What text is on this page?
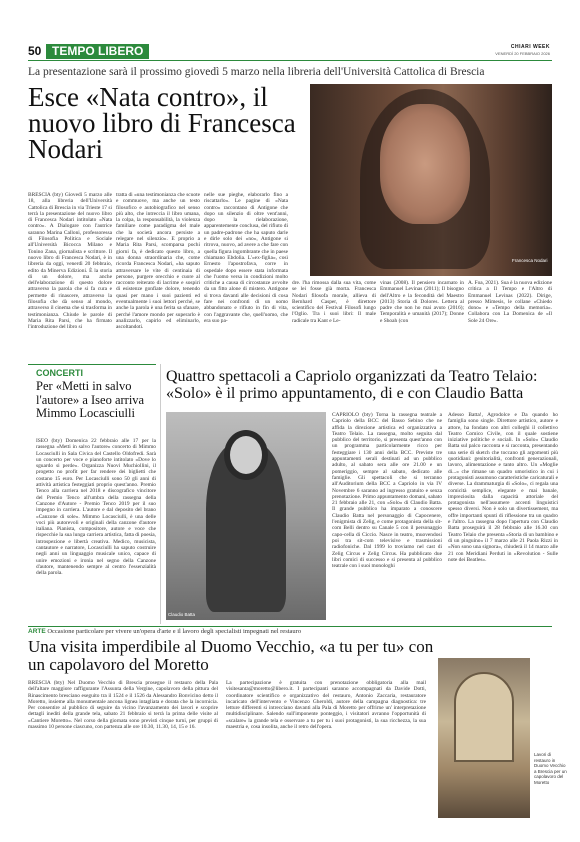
50 TEMPO LIBERO	CHIARI WEEK
VENERDÌ 20 FEBBRAIO 2026
La presentazione sarà il prossimo giovedì 5 marzo nella libreria dell'Università Cattolica di Brescia
Esce «Nata contro», il nuovo libro di Francesca Nodari
Francesca Nodari
BRESCIA (bty) Giovedì 5 marzo alle 18, alla libreria dell'Università Cattolica di Brescia in via Trieste 17 si terrà la presentazione del nuovo libro di Francesca Nodari intitolato «Nata contro». A Dialogare con l'autrice saranno Marina Calloni, professoressa di Filosofia Politica e Sociale all'Università Bicocca Milano e Tonino Zana, giornalista e scrittore. Il nuovo libro di Francesca Nodari, è in libreria da oggi, venerdì 20 febbraio, edito da Minerva Edizioni. È la storia di un dolore, ma anche dell'elaborazione di questo dolore attraverso la parola che si fa cura e permette di rinascere, attraverso la filosofia che dà senso al mondo, attraverso il cinema che si trasforma in testimonianza. Chiude le parole di Maria Rita Parsi, che ha firmato l'introduzione del libro si
tratta di «una testimonianza che scuote e commuove, ma anche un testo filosofico e autobiografico nel senso più alto, che intreccia il libro umana, la colpa, la responsabilità, la violenza familiare come paradigma del male che la società ancora persiste a relegare nel silenzio». E proprio a Maria Rita Parsi, scomparsa pochi giorni fa, è dedicato questo libro, a una donna straordinaria che, come ricorda Francesca Nodari, «ha saputo attraversare le vite di centinaia di persone, purgere orecchio e cuore al racconto reiterato di lacrime e sospiri di esistenze gonfiate dolore, tenendo quasi per mano i suoi pazienti ed eventualmente i suoi lettori perché, se anche la parola è una ferita sa sfanare, perché l'amore mondo per superarlo è analizzarlo, capirlo ed eliminarlo, ascoltandoti.
nelle sue pieghe, elaborarlo fino a riscattarlo». Le pagine di «Nata contro» raccontano di Antigone che dopo un silenzio di oltre vent'anni, dopo la rielaborazione, apparentemente conclusa, del rifiuto di un padre-padrone che ha saputo darle e dirle solo dei «no», Antigone si ritrova, nuovo, ad avere a che fare con quella figura ingombrante che in paese chiamano Ebdolia. L'«ex-figlia», così Ernesto l'apostrofava, corre in ospedale dopo essere stata informata che l'uomo versa in condizioni molto critiche a causa di circostanze avvolte da un fitto alone di mistero. Antigone si trova davanti alle decisioni di cosa fare nei confronti di un uomo abbandonato e rifiuto in fin di vita, con l'aggravante che, quell'uomo, che era suo pa-
dre. l'ha rimossa dalla sua vita, come se lei fosse già morta. Francesca Nodari filosofa morale, allieva di Bernhard Casper, è direttore scientifico del Festival Filosofi lungo l'Oglio. Tra i suoi libri: Il male radicale tra Kant e Le-
vinas (2008). Il pensiero incarnato in Emmanuel Levinas (2011); Il bisogno dell'Altro e la fecondità del Maestro (2013) Storia di Dolores. Lettera al padre che non ho mai avuto (2016); Temporalità e umanità (2017); Donne e Shoah (con
A. Foa, 2021). Sua è la nuova edizione critica a Il Tempo e l'Altro di Emmanuel Levinas (2022). Dirige, presso Mimesis, le collane «Chiedo dono» e «Tempo della memoria». Collabora con La Domenica de «Il Sole 24 Ore».
CONCERTI
Per «Metti in salvo l'autore» a Iseo arriva Mimmo Locasciulli
ISEO (bty) Domenica 22 febbraio alle 17 per la rassegna «Metti in salvo l'autore» concerto di Mimmo Locasciulli in Sala Civica del Castello Oldofredi. Sarà un concerto per voce e pianoforte intitolato «Dove lo sguardo si perde». Organizza Nuovi Muchiollini, il progetto no profit per far rendere dei biglietti che costano 15 euro. Per Locasciulli sono 50 gli anni di attività artistica festeggiati proprio quest'anno. Premio Tenco alla carriera nel 2018 e discografico vincitore del Premio Tenco all'umbra della rassegna della Canzone d'Autore - Premio Tenco 2019 per il suo impegno in carriera. L'autore e dal deposito del brano «Canzone di sole». Mimmo Locasciulli, è una delle voci più autorevoli e originali della canzone d'autore italiana. Pianista, compositore, autore e voce che rispecchie la sua lunga carriera artistica, fatta di poesia, introspezione e libertà creativa. Medico, musicista, cantautore e narratore, Locasciulli ha saputo costruire negli anni un linguaggio musicale unico, capace di unire emozioni e ironia nel segno della Canzone d'autore, mantenendo sempre al centro l'essenzialità della parola.
Quattro spettacoli a Capriolo organizzati da Teatro Telaio: «Solo» è il primo appuntamento, di e con Claudio Batta
Claudio Batta
CAPRIOLO (bty) Torna la rassegna teatrale a Capriolo della BCC del Basso Sebino che ne affida la direzione artistica ed organizzativa a Teatro Telaio. La rassegna, molto seguita dal pubblico del territorio, si presenta quest'anno con un programma particolarmente ricco per festeggiare i 130 anni della BCC. Previste tre appuntamenti serali destinati ad un pubblico adulto, al sabato sera alle ore 21.00 e un pomeriggio, sempre al sabato, dedicato alle famiglie. Gli spettacoli che si terranno all'Auditorium della BCC a Capriolo in via IV Novembre 6 saranno ad ingresso gratuito e senza prenotazione. Primo appuntamento domani, sabato 21 febbraio alle 21, con «Solo» di Claudio Batta. Il grande pubblico ha imparato a conoscere Claudio Batta nel personaggio di Capocenere, l'enigmista di Zelig, e come protagonista della sit-com Belli dentro su Canale 5 con il personaggio capo-cella di Ciccio. Nasce in teatro, muovendosi poi tra sit-com televisive e trasmissioni radiofoniche. Dal 1999 lo troviamo nel cast di Zelig Circus e Zelig Circus. Ha pubblicato due libri comici di successo e si presenta al pubblico teatrale con i suoi monologhi
Adesso Batta!, Agrodolce e Da quando ho famiglia sono single. Direttore artistico, autore e attore, ha fondato con altri colleghi il collettivo Teatro Comico Civile, con il quale sostiene iniziative politiche e sociali. In «Solo» Claudio Batta sul palco racconta e si racconta, presentando una serie di sketch che toccano gli argomenti più quotidiani: genitorialità, confronti generazionali, lavoro, alimentazione e tanto altro. Un «Moglie di...» che rimane un quadro umoristico in cui i protagonisti assumono caratteristiche caricaturali e diverse. La drammaturgia di «Solo», ci regala una comicità semplice, elegante e mai banale, impreziosita dalla capacità attoriale del protagonista nell'assumere accenti linguistici spesso diversi. Non è solo un divertissement, ma offre importanti spunti di riflessione tra un quadro e l'altro. La rassegna dopo l'apertura con Claudio Batta proseguirà il 28 febbraio alle 16.30 con Teatro Telaio che presenta «Storia di un bambino e di un pinguino» il 7 marzo alle 21 Paola Rizzi in «Non sono una signora», chiuderà il 14 marzo alle 21 con Meridiani Perduti in «Revolution - Sulle note dei Beatles».
ARTE Occasione particolare per vivere un'opera d'arte e il lavoro degli specialisti impegnati nel restauro
Una visita imperdibile al Duomo Vecchio, «a tu per tu» con un capolavoro del Moretto
BRESCIA (bty) Nel Duomo Vecchio di Brescia prosegue il restauro della Pala dell'altare maggiore raffigurante l'Assunta della Vergine, capolavoro della pittura del Rinascimento bresciano eseguito tra il 1524 e il 1526 da Alessandro Bonvicino detto il Moretto, insieme alla monumentale ancona lignea intagliata e dorata che la incornicia. Per consentire al pubblico di seguire da vicino l'avanzamento dei lavori e scoprire dettagli inediti della grande tela, sabato 21 febbraio si terrà la prima delle visite al «Cantiere Moretto». Nel corso della giornata sono previsti cinque turni, per gruppi di massimo 10 persone ciascuno, con partenza alle ore 10.30, 11.30, 14, 15 e 16.
La partecipazione è gratuita con prenotazione obbligatoria alla mail visitesanta@moretto@libero.it. I partecipanti saranno accompagnati da Davide Dotti, coordinatore scientifico e organizzativo del restauro, Antonio Zaccaria, restauratore incaricato dell'intervento e Vincenzo Gheroldi, autore della campagna diagnostica: tre letture differenti si intrecciano davanti alla Pala di Moretto per offrirne un' interpretazione multidisciplinare. Salendo sull'imponente ponteggio, i visitatori avranno l'opportunità di «scalare» la grande tela e osservare a tu per tu i suoi protagonisti, la sua ricchezza, la sua maestria e, cosa insolita, anche il retro dell'opera.
Lavori di restauro in Duomo Vecchio a Brescia per un capolavoro del Moretto
